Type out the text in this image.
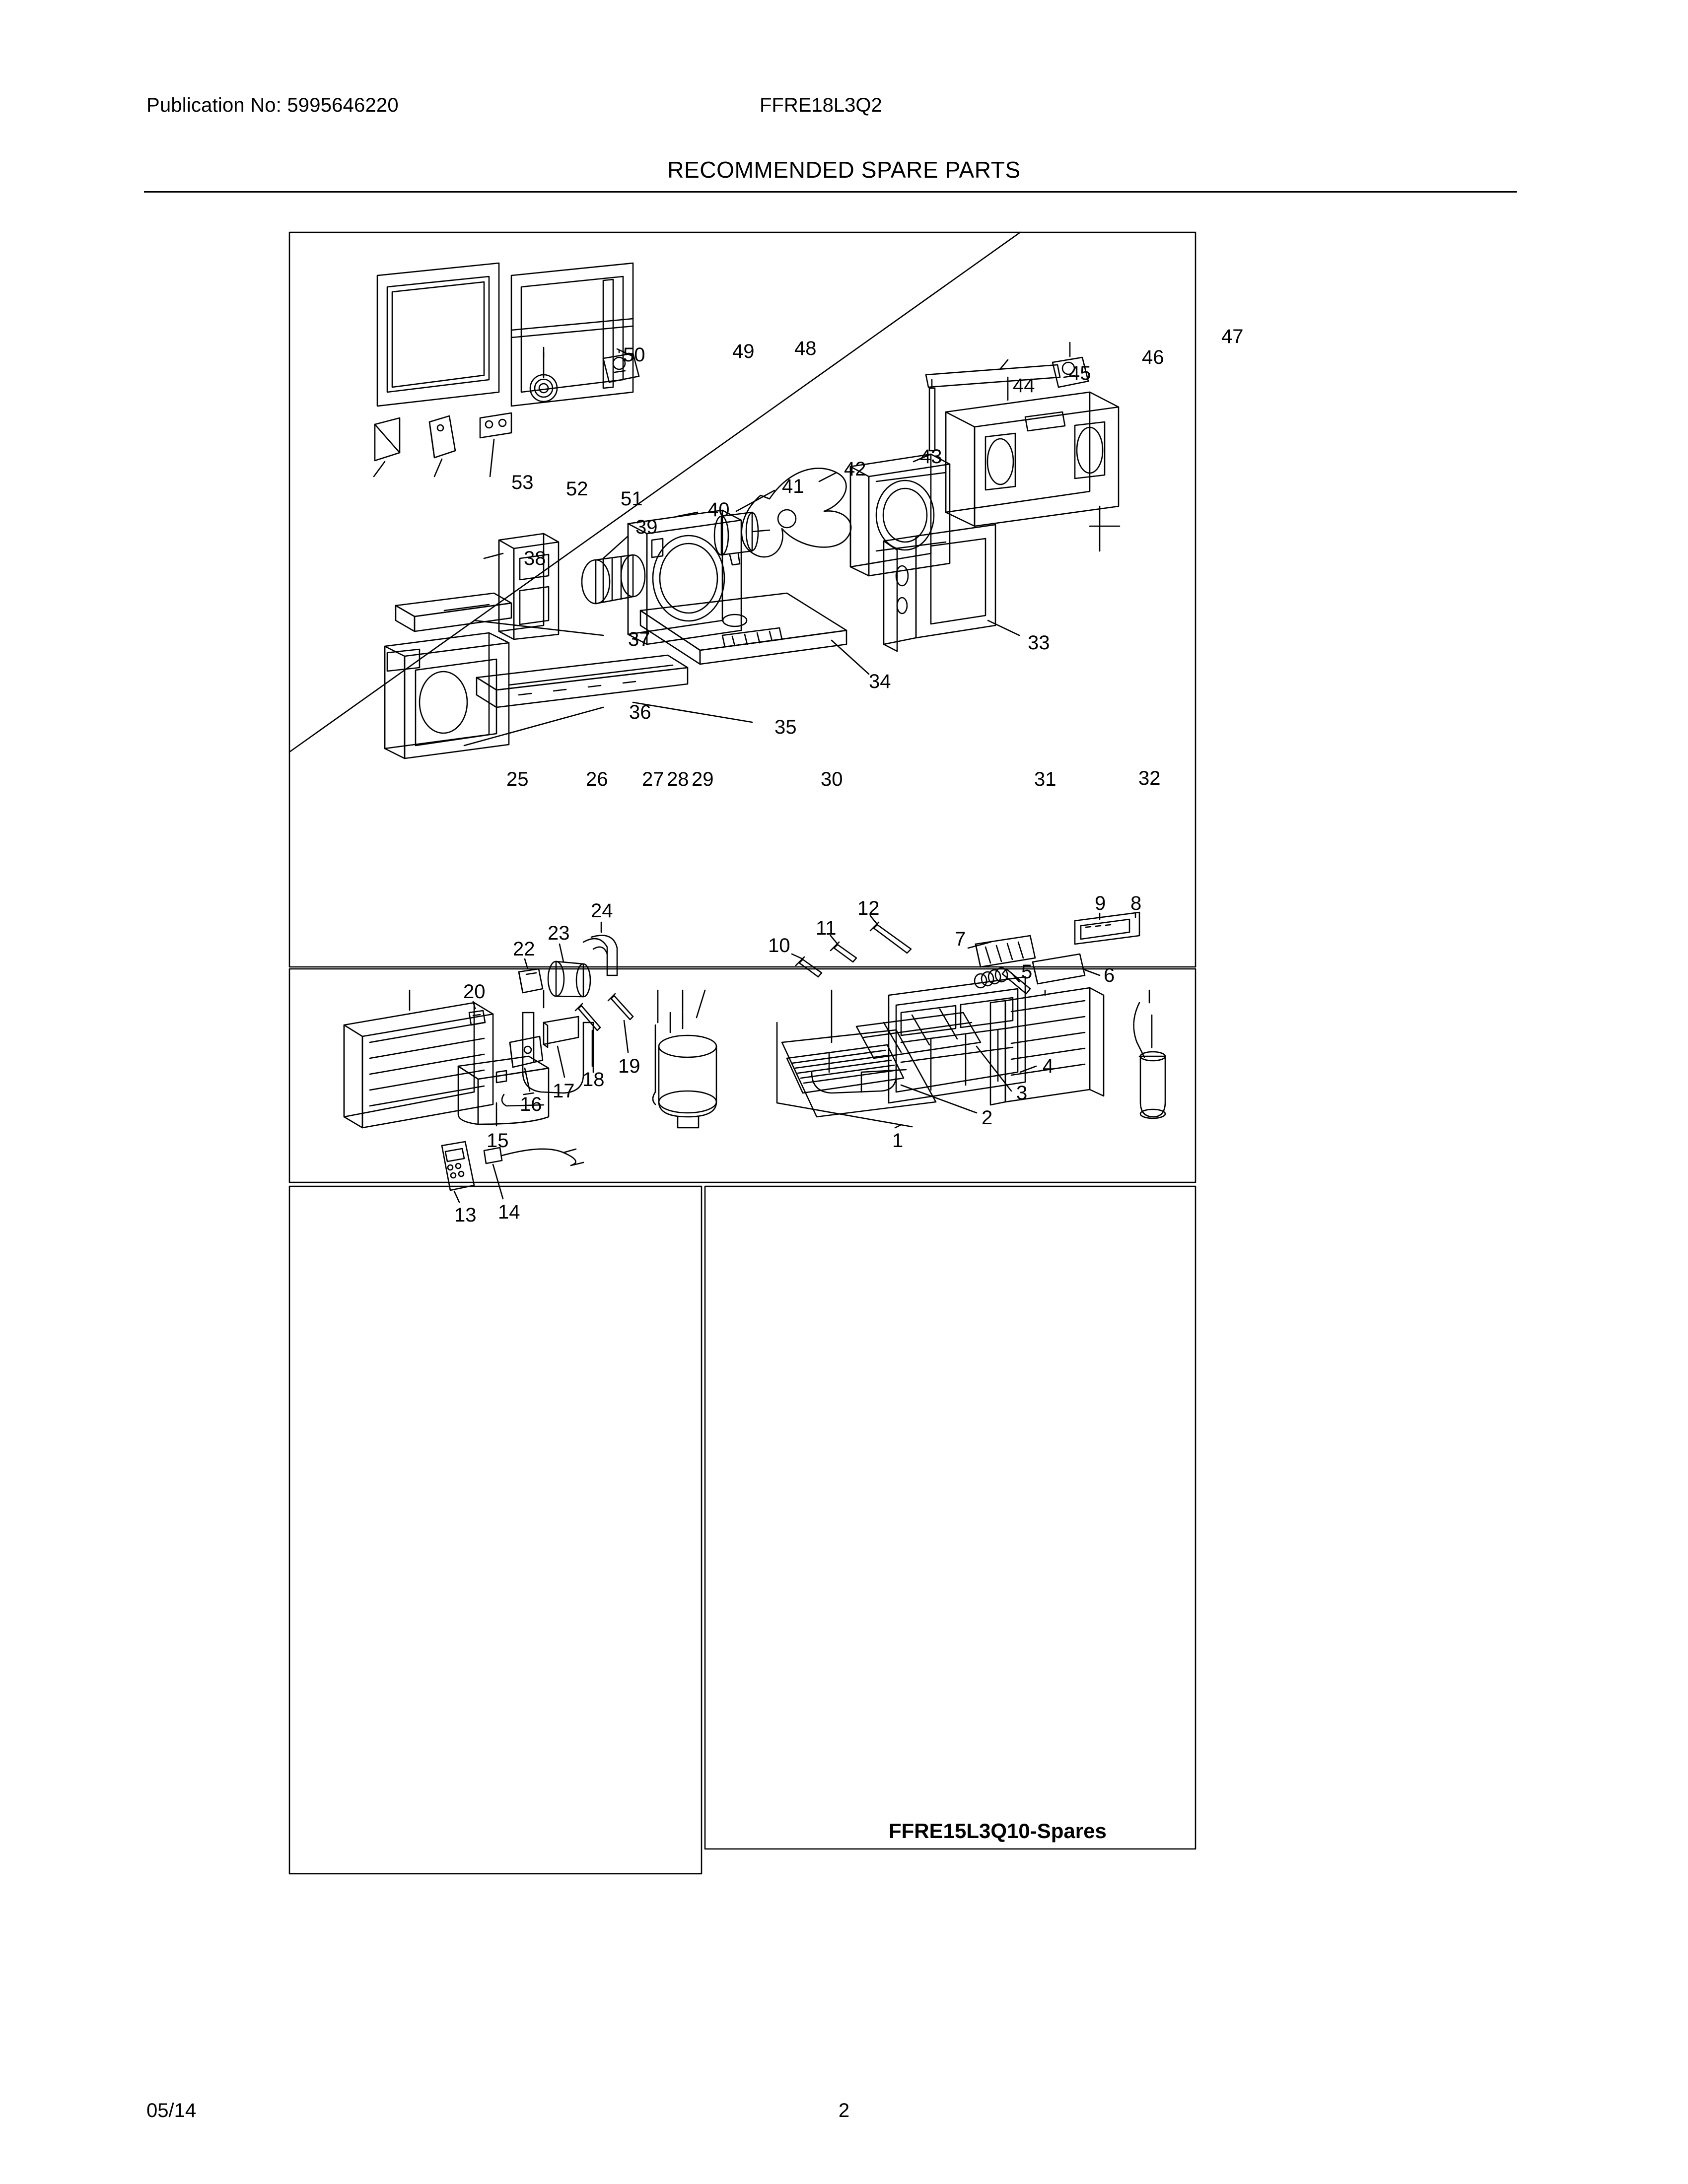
Publication No: 5995646220	FFRE18L3Q2
RECOMMENDED SPARE PARTS
50	49 48
47
46
45
44
43
42
41
40
39
38
37
36
35
34
33
53 52 51
25	26 27 28 29	30	31	32
24
23
22
20
19
18
17
16
15
13 14
12
11
10
9 8
7
6
5
4
3
2
1
FFRE15L3Q10-Spares
05/14	2
